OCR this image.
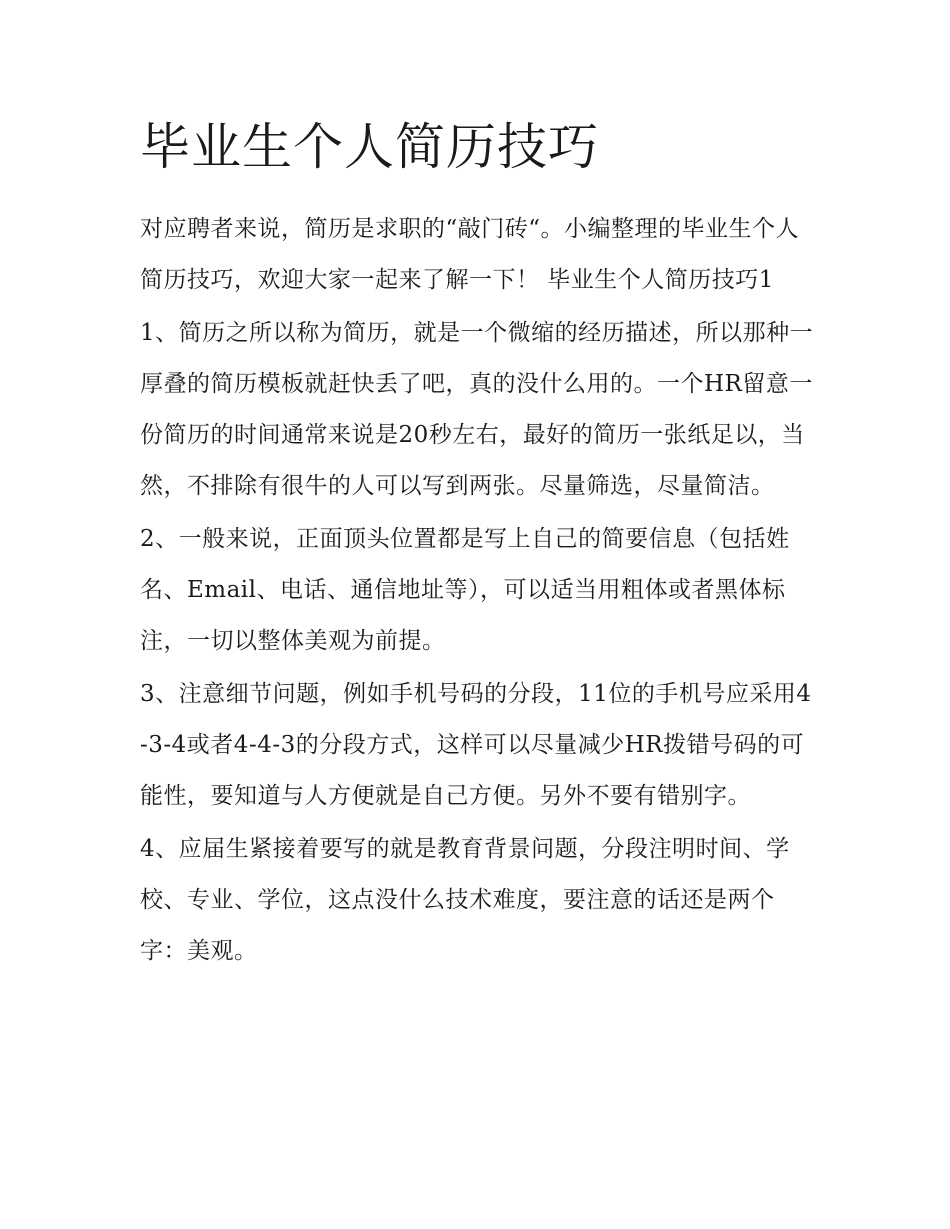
毕业生个人简历技巧

对应聘者来说，简历是求职的“敲门砖“。小编整理的毕业生个人简历技巧，欢迎大家一起来了解一下！ 毕业生个人简历技巧1

1、简历之所以称为简历，就是一个微缩的经历描述，所以那种一厚叠的简历模板就赶快丢了吧，真的没什么用的。一个HR留意一份简历的时间通常来说是20秒左右，最好的简历一张纸足以，当然，不排除有很牛的人可以写到两张。尽量筛选，尽量简洁。

2、一般来说，正面顶头位置都是写上自己的简要信息（包括姓名、Email、电话、通信地址等），可以适当用粗体或者黑体标注，一切以整体美观为前提。

3、注意细节问题，例如手机号码的分段，11位的手机号应采用4-3-4或者4-4-3的分段方式，这样可以尽量减少HR拨错号码的可能性，要知道与人方便就是自己方便。另外不要有错别字。

4、应届生紧接着要写的就是教育背景问题，分段注明时间、学校、专业、学位，这点没什么技术难度，要注意的话还是两个字：美观。
